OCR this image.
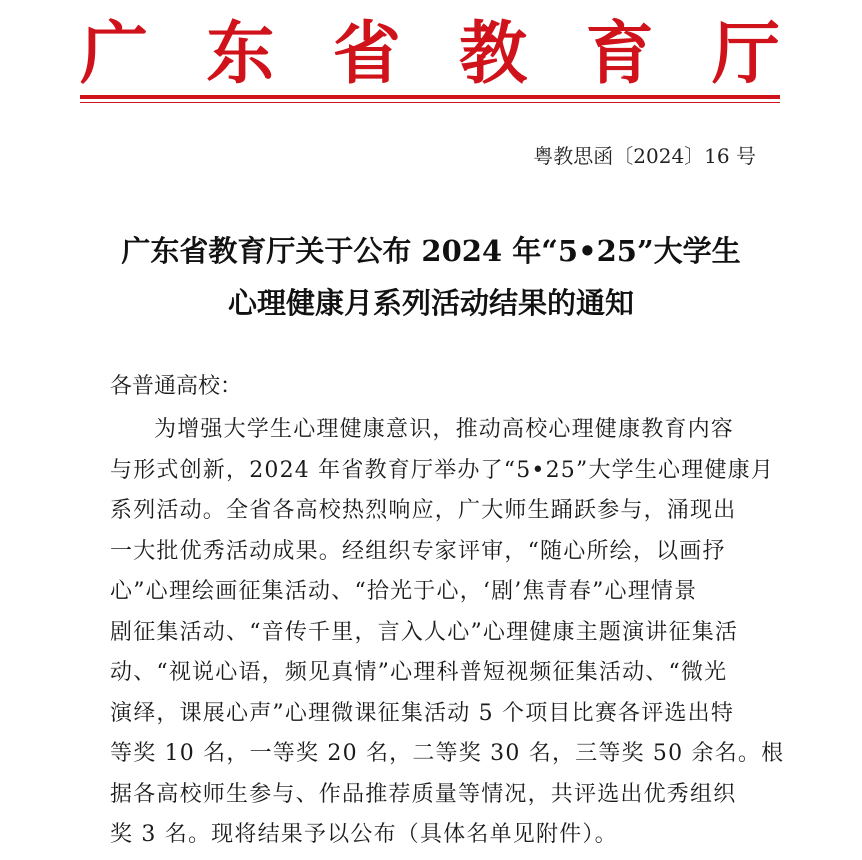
广 东 省 教 育 厅
粤教思函〔2024〕16 号
广东省教育厅关于公布 2024 年“5•25”大学生
心理健康月系列活动结果的通知
各普通高校：
为增强大学生心理健康意识，推动高校心理健康教育内容
与形式创新，2024 年省教育厅举办了“5•25”大学生心理健康月
系列活动。全省各高校热烈响应，广大师生踊跃参与，涌现出
一大批优秀活动成果。经组织专家评审，“随心所绘，以画抒
心”心理绘画征集活动、“拾光于心，‘剧’焦青春”心理情景
剧征集活动、“音传千里，言入人心”心理健康主题演讲征集活
动、“视说心语，频见真情”心理科普短视频征集活动、“微光
演绎，课展心声”心理微课征集活动 5 个项目比赛各评选出特
等奖 10 名，一等奖 20 名，二等奖 30 名，三等奖 50 余名。根
据各高校师生参与、作品推荐质量等情况，共评选出优秀组织
奖 3 名。现将结果予以公布（具体名单见附件）。
